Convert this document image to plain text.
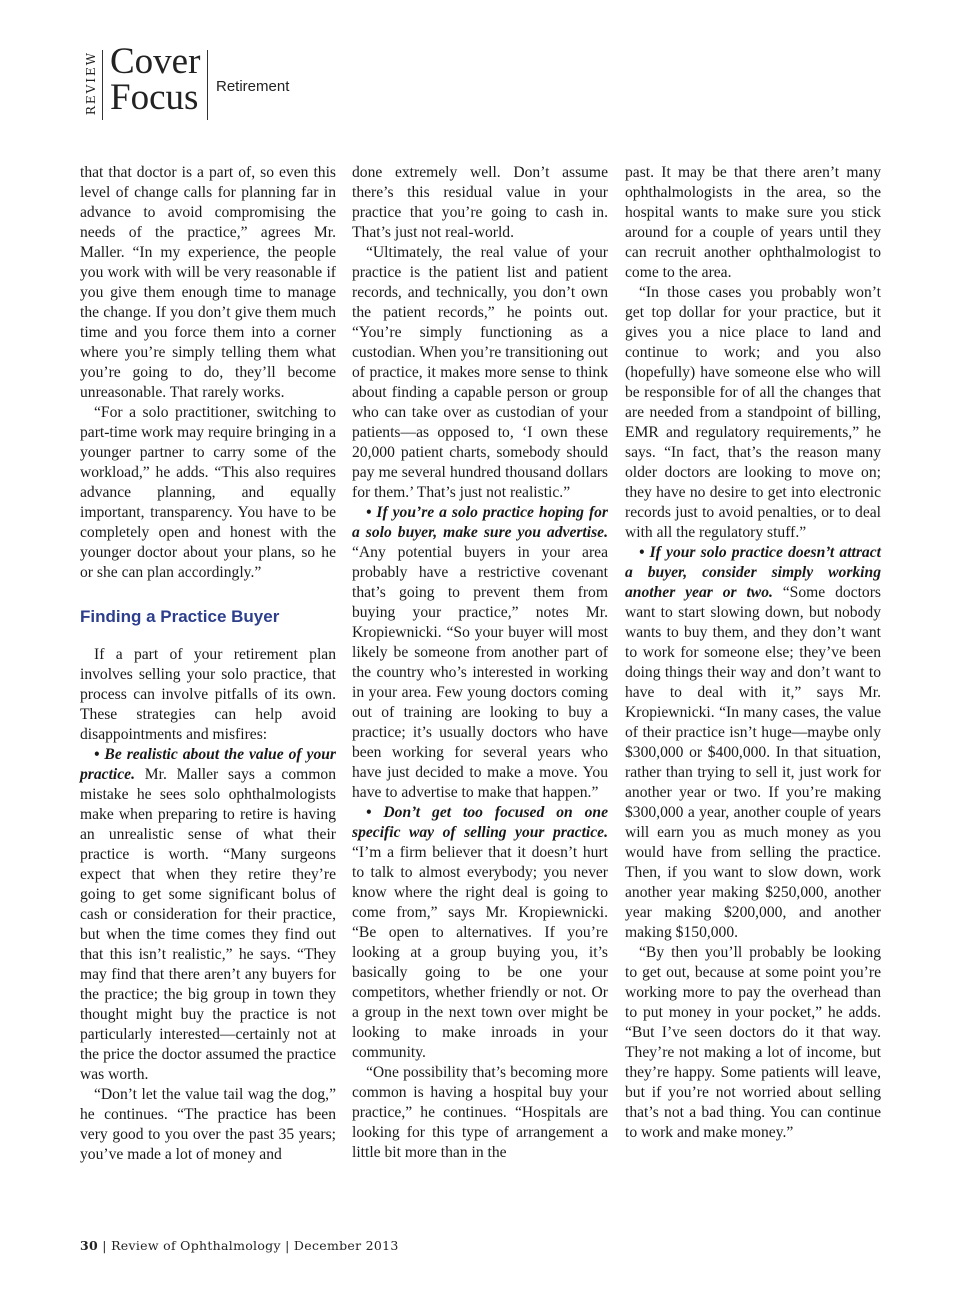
REVIEW Cover
Focus Retirement

that that doctor is a part of, so even this level of change calls for planning far in advance to avoid compromising the needs of the practice,” agrees Mr. Maller. “In my experience, the people you work with will be very reasonable if you give them enough time to manage the change. If you don’t give them much time and you force them into a corner where you’re simply telling them what you’re going to do, they’ll become unreasonable. That rarely works.

“For a solo practitioner, switching to part-time work may require bringing in a younger partner to carry some of the workload,” he adds. “This also requires advance planning, and equally important, transparency. You have to be completely open and honest with the younger doctor about your plans, so he or she can plan accordingly.”

Finding a Practice Buyer

If a part of your retirement plan involves selling your solo practice, that process can involve pitfalls of its own. These strategies can help avoid disappointments and misfires:

• Be realistic about the value of your practice. Mr. Maller says a common mistake he sees solo ophthalmologists make when preparing to retire is having an unrealistic sense of what their practice is worth. “Many surgeons expect that when they retire they’re going to get some significant bolus of cash or consideration for their practice, but when the time comes they find out that this isn’t realistic,” he says. “They may find that there aren’t any buyers for the practice; the big group in town they thought might buy the practice is not particularly interested—certainly not at the price the doctor assumed the practice was worth.

“Don’t let the value tail wag the dog,” he continues. “The practice has been very good to you over the past 35 years; you’ve made a lot of money and

done extremely well. Don’t assume there’s this residual value in your practice that you’re going to cash in. That’s just not real-world.

“Ultimately, the real value of your practice is the patient list and patient records, and technically, you don’t own the patient records,” he points out. “You’re simply functioning as a custodian. When you’re transitioning out of practice, it makes more sense to think about finding a capable person or group who can take over as custodian of your patients—as opposed to, ‘I own these 20,000 patient charts, somebody should pay me several hundred thousand dollars for them.’ That’s just not realistic.”

• If you’re a solo practice hoping for a solo buyer, make sure you advertise. “Any potential buyers in your area probably have a restrictive covenant that’s going to prevent them from buying your practice,” notes Mr. Kropiewnicki. “So your buyer will most likely be someone from another part of the country who’s interested in working in your area. Few young doctors coming out of training are looking to buy a practice; it’s usually doctors who have been working for several years who have just decided to make a move. You have to advertise to make that happen.”

• Don’t get too focused on one specific way of selling your practice. “I’m a firm believer that it doesn’t hurt to talk to almost everybody; you never know where the right deal is going to come from,” says Mr. Kropiewnicki. “Be open to alternatives. If you’re looking at a group buying you, it’s basically going to be one your competitors, whether friendly or not. Or a group in the next town over might be looking to make inroads in your community.

“One possibility that’s becoming more common is having a hospital buy your practice,” he continues. “Hospitals are looking for this type of arrangement a little bit more than in the

past. It may be that there aren’t many ophthalmologists in the area, so the hospital wants to make sure you stick around for a couple of years until they can recruit another ophthalmologist to come to the area.

“In those cases you probably won’t get top dollar for your practice, but it gives you a nice place to land and continue to work; and you also (hopefully) have someone else who will be responsible for of all the changes that are needed from a standpoint of billing, EMR and regulatory requirements,” he says. “In fact, that’s the reason many older doctors are looking to move on; they have no desire to get into electronic records just to avoid penalties, or to deal with all the regulatory stuff.”

• If your solo practice doesn’t attract a buyer, consider simply working another year or two. “Some doctors want to start slowing down, but nobody wants to buy them, and they don’t want to work for someone else; they’ve been doing things their way and don’t want to have to deal with it,” says Mr. Kropiewnicki. “In many cases, the value of their practice isn’t huge—maybe only $300,000 or $400,000. In that situation, rather than trying to sell it, just work for another year or two. If you’re making $300,000 a year, another couple of years will earn you as much money as you would have from selling the practice. Then, if you want to slow down, work another year making $250,000, another year making $200,000, and another making $150,000.

“By then you’ll probably be looking to get out, because at some point you’re working more to pay the overhead than to put money in your pocket,” he adds. “But I’ve seen doctors do it that way. They’re not making a lot of income, but they’re happy. Some patients will leave, but if you’re not worried about selling that’s not a bad thing. You can continue to work and make money.”

30 | Review of Ophthalmology | December 2013
